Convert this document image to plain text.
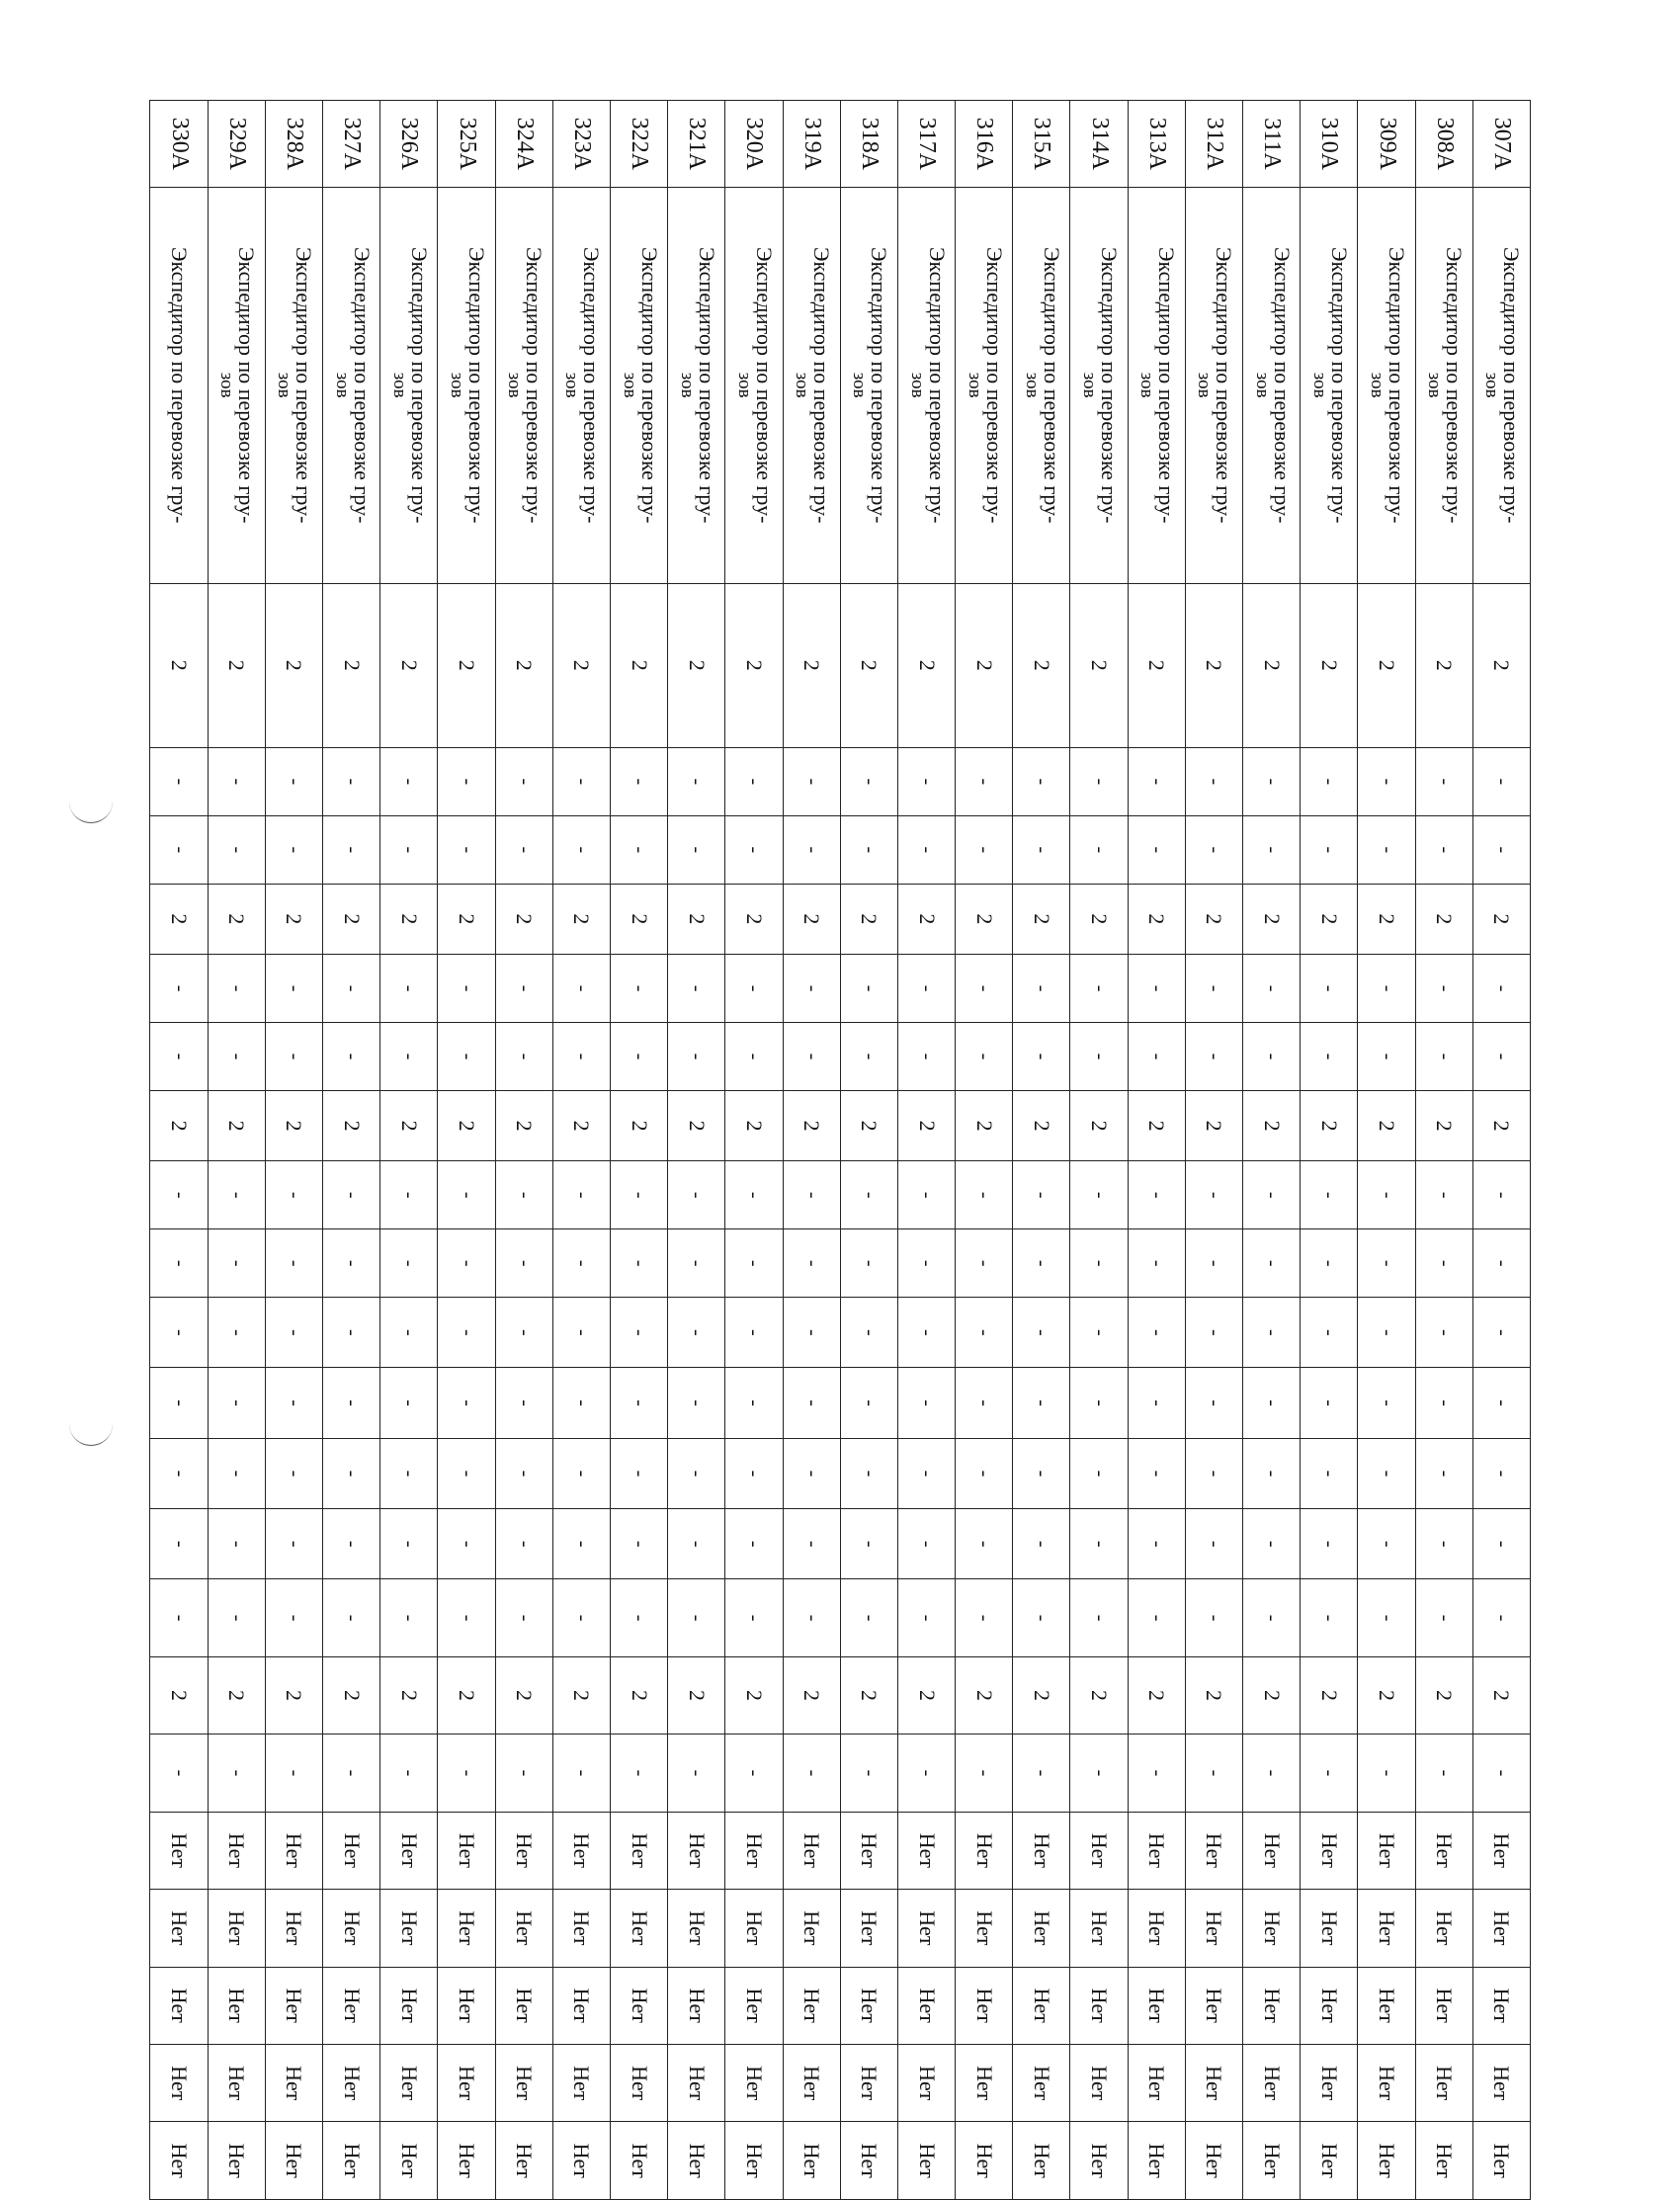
307А	Экспедитор по перевозке гру-
зов	2	-	-	2	-	-	2	-	-	-	-	-	-	-	2	-	Нет	Нет	Нет	Нет	Нет
308А	Экспедитор по перевозке гру-
зов	2	-	-	2	-	-	2	-	-	-	-	-	-	-	2	-	Нет	Нет	Нет	Нет	Нет
309А	Экспедитор по перевозке гру-
зов	2	-	-	2	-	-	2	-	-	-	-	-	-	-	2	-	Нет	Нет	Нет	Нет	Нет
310А	Экспедитор по перевозке гру-
зов	2	-	-	2	-	-	2	-	-	-	-	-	-	-	2	-	Нет	Нет	Нет	Нет	Нет
311А	Экспедитор по перевозке гру-
зов	2	-	-	2	-	-	2	-	-	-	-	-	-	-	2	-	Нет	Нет	Нет	Нет	Нет
312А	Экспедитор по перевозке гру-
зов	2	-	-	2	-	-	2	-	-	-	-	-	-	-	2	-	Нет	Нет	Нет	Нет	Нет
313А	Экспедитор по перевозке гру-
зов	2	-	-	2	-	-	2	-	-	-	-	-	-	-	2	-	Нет	Нет	Нет	Нет	Нет
314А	Экспедитор по перевозке гру-
зов	2	-	-	2	-	-	2	-	-	-	-	-	-	-	2	-	Нет	Нет	Нет	Нет	Нет
315А	Экспедитор по перевозке гру-
зов	2	-	-	2	-	-	2	-	-	-	-	-	-	-	2	-	Нет	Нет	Нет	Нет	Нет
316А	Экспедитор по перевозке гру-
зов	2	-	-	2	-	-	2	-	-	-	-	-	-	-	2	-	Нет	Нет	Нет	Нет	Нет
317А	Экспедитор по перевозке гру-
зов	2	-	-	2	-	-	2	-	-	-	-	-	-	-	2	-	Нет	Нет	Нет	Нет	Нет
318А	Экспедитор по перевозке гру-
зов	2	-	-	2	-	-	2	-	-	-	-	-	-	-	2	-	Нет	Нет	Нет	Нет	Нет
319А	Экспедитор по перевозке гру-
зов	2	-	-	2	-	-	2	-	-	-	-	-	-	-	2	-	Нет	Нет	Нет	Нет	Нет
320А	Экспедитор по перевозке гру-
зов	2	-	-	2	-	-	2	-	-	-	-	-	-	-	2	-	Нет	Нет	Нет	Нет	Нет
321А	Экспедитор по перевозке гру-
зов	2	-	-	2	-	-	2	-	-	-	-	-	-	-	2	-	Нет	Нет	Нет	Нет	Нет
322А	Экспедитор по перевозке гру-
зов	2	-	-	2	-	-	2	-	-	-	-	-	-	-	2	-	Нет	Нет	Нет	Нет	Нет
323А	Экспедитор по перевозке гру-
зов	2	-	-	2	-	-	2	-	-	-	-	-	-	-	2	-	Нет	Нет	Нет	Нет	Нет
324А	Экспедитор по перевозке гру-
зов	2	-	-	2	-	-	2	-	-	-	-	-	-	-	2	-	Нет	Нет	Нет	Нет	Нет
325А	Экспедитор по перевозке гру-
зов	2	-	-	2	-	-	2	-	-	-	-	-	-	-	2	-	Нет	Нет	Нет	Нет	Нет
326А	Экспедитор по перевозке гру-
зов	2	-	-	2	-	-	2	-	-	-	-	-	-	-	2	-	Нет	Нет	Нет	Нет	Нет
327А	Экспедитор по перевозке гру-
зов	2	-	-	2	-	-	2	-	-	-	-	-	-	-	2	-	Нет	Нет	Нет	Нет	Нет
328А	Экспедитор по перевозке гру-
зов	2	-	-	2	-	-	2	-	-	-	-	-	-	-	2	-	Нет	Нет	Нет	Нет	Нет
329А	Экспедитор по перевозке гру-
зов	2	-	-	2	-	-	2	-	-	-	-	-	-	-	2	-	Нет	Нет	Нет	Нет	Нет
330А	Экспедитор по перевозке гру-	2	-	-	2	-	-	2	-	-	-	-	-	-	-	2	-	Нет	Нет	Нет	Нет	Нет
